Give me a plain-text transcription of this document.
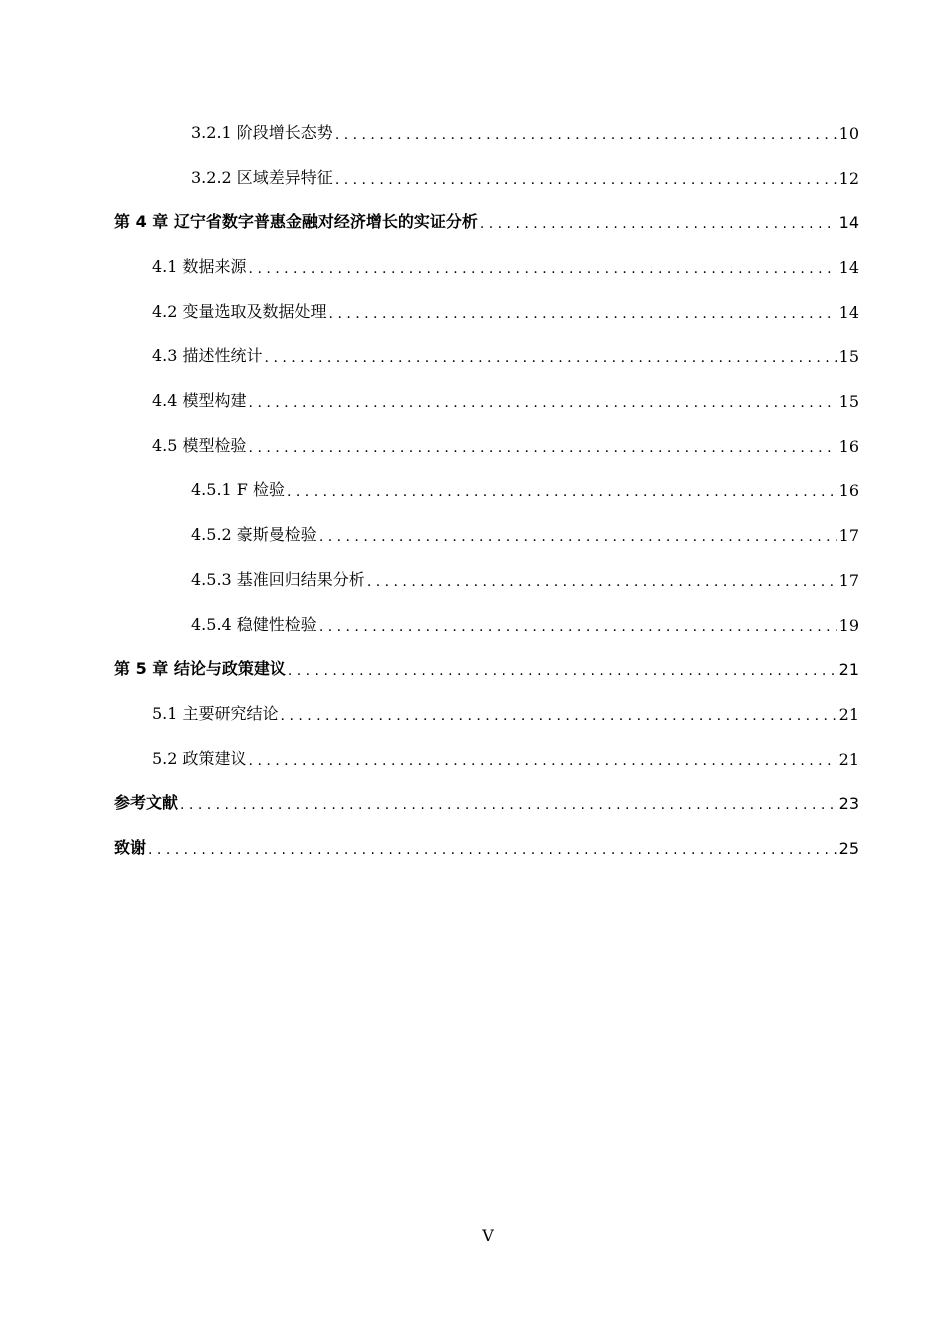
3.2.1 阶段增长态势 . . .	10
3.2.2 区域差异特征 . . .	12
第 4 章 辽宁省数字普惠金融对经济增长的实证分析 . . .	14
4.1 数据来源 . . .	14
4.2 变量选取及数据处理 . . .	14
4.3 描述性统计 . . .	15
4.4 模型构建 . . .	15
4.5 模型检验 . . .	16
4.5.1 F 检验 . . .	16
4.5.2 豪斯曼检验 . . .	17
4.5.3 基准回归结果分析 . . .	17
4.5.4 稳健性检验 . . .	19
第 5 章 结论与政策建议 . . .	21
5.1 主要研究结论 . . .	21
5.2 政策建议 . . .	21
参考文献 . . .	23
致谢 . . .	25
V
